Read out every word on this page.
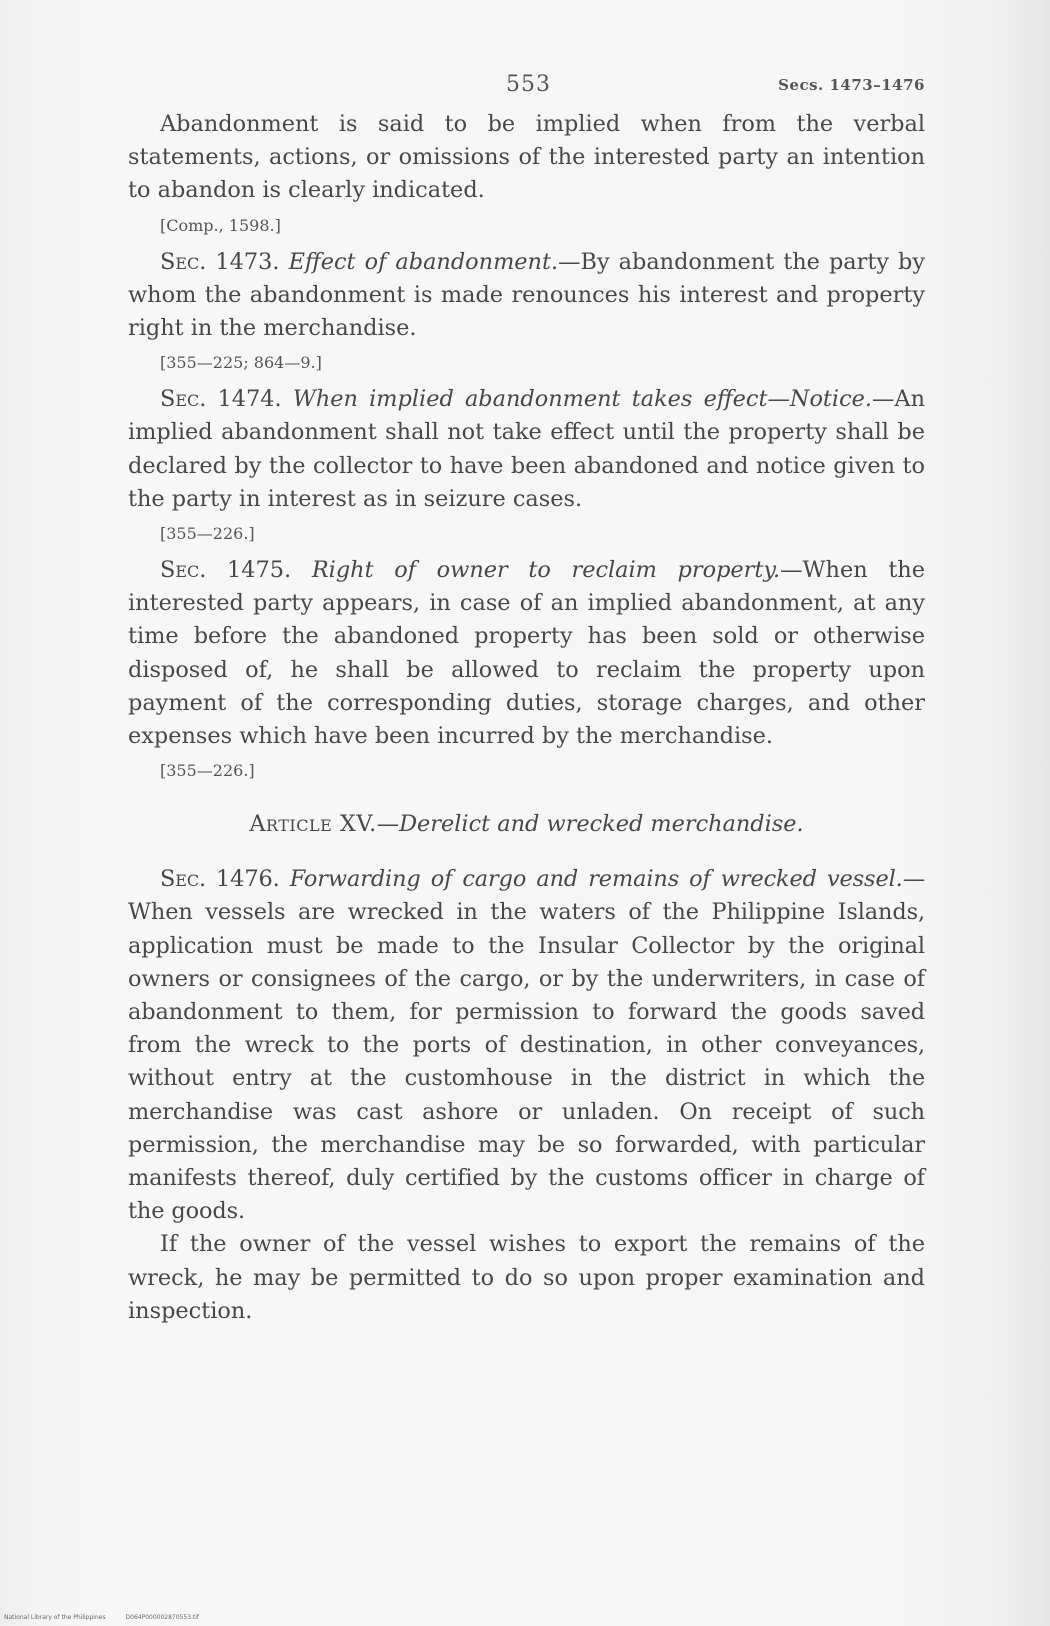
553	Secs. 1473–1476

Abandonment is said to be implied when from the verbal statements, actions, or omissions of the interested party an intention to abandon is clearly indicated.

[Comp., 1598.]

Sec. 1473. Effect of abandonment.—By abandonment the party by whom the abandonment is made renounces his interest and property right in the merchandise.

[355—225; 864—9.]

Sec. 1474. When implied abandonment takes effect—Notice.—An implied abandonment shall not take effect until the property shall be declared by the collector to have been abandoned and notice given to the party in interest as in seizure cases.

[355—226.]

Sec. 1475. Right of owner to reclaim property.—When the interested party appears, in case of an implied abandonment, at any time before the abandoned property has been sold or otherwise disposed of, he shall be allowed to reclaim the property upon payment of the corresponding duties, storage charges, and other expenses which have been incurred by the merchandise.

[355—226.]
Article XV.—Derelict and wrecked merchandise.

Sec. 1476. Forwarding of cargo and remains of wrecked vessel.—When vessels are wrecked in the waters of the Philippine Islands, application must be made to the Insular Collector by the original owners or consignees of the cargo, or by the underwriters, in case of abandonment to them, for permission to forward the goods saved from the wreck to the ports of destination, in other conveyances, without entry at the customhouse in the district in which the merchandise was cast ashore or unladen. On receipt of such permission, the merchandise may be so forwarded, with particular manifests thereof, duly certified by the customs officer in charge of the goods.

If the owner of the vessel wishes to export the remains of the wreck, he may be permitted to do so upon proper examination and inspection.

National Library of the Philippines	D064P000002870553.tif
